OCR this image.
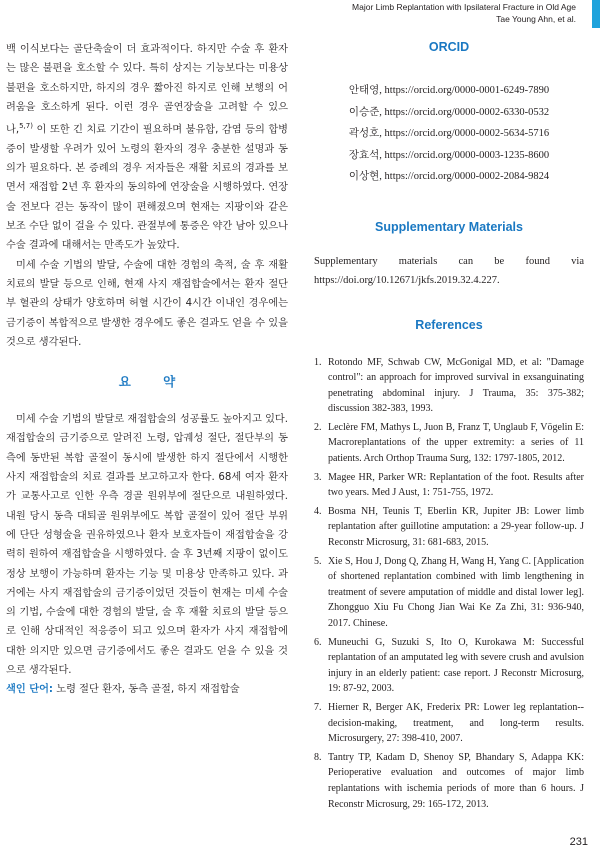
Major Limb Replantation with Ipsilateral Fracture in Old Age
Tae Young Ahn, et al.

백 이식보다는 골단축술이 더 효과적이다. 하지만 수술 후 환자는 많은 불편을 호소할 수 있다. 특히 상지는 기능보다는 미용상 불편을 호소하지만, 하지의 경우 짧아진 하지로 인해 보행의 어려움을 호소하게 된다. 이런 경우 골연장술을 고려할 수 있으나,$^{5,7)}$ 이 또한 긴 치료 기간이 필요하며 불유합, 감염 등의 합병증이 발생할 우려가 있어 노령의 환자의 경우 충분한 설명과 동의가 필요하다. 본 증례의 경우 저자들은 재활 치료의 경과를 보면서 재접합 2년 후 환자의 동의하에 연장술을 시행하였다. 연장술 전보다 걷는 동작이 많이 편해졌으며 현재는 지팡이와 같은 보조 수단 없이 걸을 수 있다. 관절부에 통증은 약간 남아 있으나 수술 결과에 대해서는 만족도가 높았다.

미세 수술 기법의 발달, 수술에 대한 경험의 축적, 술 후 재활 치료의 발달 등으로 인해, 현재 사지 재접합술에서는 환자 절단부 혈관의 상태가 양호하며 허혈 시간이 4시간 이내인 경우에는 금기증이 복합적으로 발생한 경우에도 좋은 결과도 얻을 수 있을 것으로 생각된다.

요 약

미세 수술 기법의 발달로 재접합술의 성공률도 높아지고 있다. 재접합술의 금기증으로 알려진 노령, 압궤성 절단, 절단부의 동측에 동반된 복합 골절이 동시에 발생한 하지 절단에서 시행한 사지 재접합술의 치료 결과를 보고하고자 한다. 68세 여자 환자가 교통사고로 인한 우측 경골 원위부에 절단으로 내원하였다. 내원 당시 동측 대퇴골 원위부에도 복합 골절이 있어 절단 부위에 단단 성형술을 권유하였으나 환자 보호자들이 재접합술을 강력히 원하여 재접합술을 시행하였다. 술 후 3년째 지팡이 없이도 정상 보행이 가능하며 환자는 기능 및 미용상 만족하고 있다. 과거에는 사지 재접합술의 금기증이었던 것들이 현재는 미세 수술의 기법, 수술에 대한 경험의 발달, 술 후 재활 치료의 발달 등으로 인해 상대적인 적응증이 되고 있으며 환자가 사지 재접합에 대한 의지만 있으면 금기증에서도 좋은 결과도 얻을 수 있을 것으로 생각된다.

색인 단어: 노령 절단 환자, 동측 골절, 하지 재접합술

ORCID
안태영, https://orcid.org/0000-0001-6249-7890
이승준, https://orcid.org/0000-0002-6330-0532
곽성호, https://orcid.org/0000-0002-5634-5716
장효석, https://orcid.org/0000-0003-1235-8600
이상현, https://orcid.org/0000-0002-2084-9824
Supplementary Materials
Supplementary materials can be found via https://doi.org/10.12671/jkfs.2019.32.4.227.
References
1. Rotondo MF, Schwab CW, McGonigal MD, et al: "Damage control": an approach for improved survival in exsanguinating penetrating abdominal injury. J Trauma, 35: 375-382; discussion 382-383, 1993.
2. Leclère FM, Mathys L, Juon B, Franz T, Unglaub F, Vögelin E: Macroreplantations of the upper extremity: a series of 11 patients. Arch Orthop Trauma Surg, 132: 1797-1805, 2012.
3. Magee HR, Parker WR: Replantation of the foot. Results after two years. Med J Aust, 1: 751-755, 1972.
4. Bosma NH, Teunis T, Eberlin KR, Jupiter JB: Lower limb replantation after guillotine amputation: a 29-year follow-up. J Reconstr Microsurg, 31: 681-683, 2015.
5. Xie S, Hou J, Dong Q, Zhang H, Wang H, Yang C. [Application of shortened replantation combined with limb lengthening in treatment of severe amputation of middle and distal lower leg]. Zhongguo Xiu Fu Chong Jian Wai Ke Za Zhi, 31: 936-940, 2017. Chinese.
6. Muneuchi G, Suzuki S, Ito O, Kurokawa M: Successful replantation of an amputated leg with severe crush and avulsion injury in an elderly patient: case report. J Reconstr Microsurg, 19: 87-92, 2003.
7. Hierner R, Berger AK, Frederix PR: Lower leg replantation--decision-making, treatment, and long-term results. Microsurgery, 27: 398-410, 2007.
8. Tantry TP, Kadam D, Shenoy SP, Bhandary S, Adappa KK: Perioperative evaluation and outcomes of major limb replantations with ischemia periods of more than 6 hours. J Reconstr Microsurg, 29: 165-172, 2013.
231
